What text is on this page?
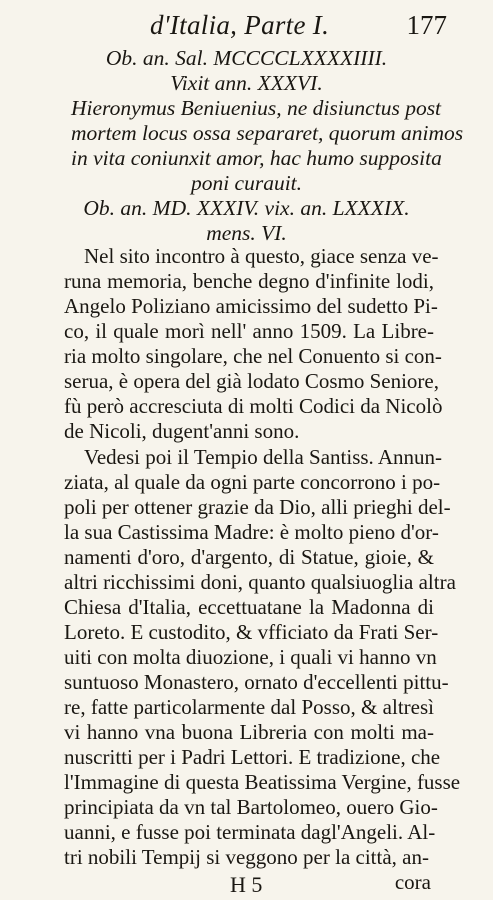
d'Italia, Parte I.	177
Ob. an. Sal. MCCCCLXXXXIIII.
Vixit ann. XXXVI.
Hieronymus Beniuenius, ne disiunctus post
mortem locus ossa separaret, quorum animos
in vita coniunxit amor, hac humo supposita
poni curauit.
Ob. an. MD. XXXIV. vix. an. LXXXIX.
mens. VI.
Nel sito incontro à questo, giace senza ve-
runa memoria, benche degno d'infinite lodi,
Angelo Poliziano amicissimo del sudetto Pi-
co, il quale morì nell' anno 1509. La Libre-
ria molto singolare, che nel Conuento si con-
serua, è opera del già lodato Cosmo Seniore,
fù però accresciuta di molti Codici da Nicolò
de Nicoli, dugent'anni sono.
Vedesi poi il Tempio della Santiss. Annun-
ziata, al quale da ogni parte concorrono i po-
poli per ottener grazie da Dio, alli prieghi del-
la sua Castissima Madre: è molto pieno d'or-
namenti d'oro, d'argento, di Statue, gioie, &
altri ricchissimi doni, quanto qualsiuoglia altra
Chiesa d'Italia, eccettuatane la Madonna di
Loreto. E custodito, & vfficiato da Frati Ser-
uiti con molta diuozione, i quali vi hanno vn
suntuoso Monastero, ornato d'eccellenti pittu-
re, fatte particolarmente dal Posso, & altresì
vi hanno vna buona Libreria con molti ma-
nuscritti per i Padri Lettori. E tradizione, che
l'Immagine di questa Beatissima Vergine, fusse
principiata da vn tal Bartolomeo, ouero Gio-
uanni, e fusse poi terminata dagl'Angeli. Al-
tri nobili Tempij si veggono per la città, an-
H 5	cora
